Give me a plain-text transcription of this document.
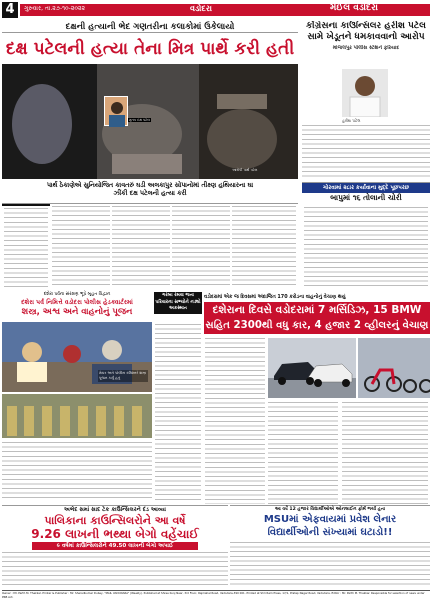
4	ગુરુવાર, તા.૨૭-૧૦-૨૦૨૨	વડોદરા	મેઈલ વડોદરા
દક્ષની હત્યાની ભેદ ગણતરીના કલાકોમાં ઉકેલાયો
દક્ષ પટેલની હત્યા તેના મિત્ર પાર્થે કરી હતી
મૃતક દક્ષ પટેલ
આરોપી પાર્થ પટેલ
પાર્થ ઠેકાણેએ સુનિયોજિત કાવતરું ઘડી અલકાપુર સોપાનોમાં તીક્ષ્ણ હથિયારના ઘા ઝીંકી દક્ષ પટેલની હત્યા કરી
કોંગ્રેસના કાઉન્સિલર હરીશ પટેલ સામે ખેડૂતને ધમકાવવાનો આરોપ
માંજલપુર પોલીસ સ્ટેશને ફરિયાદ
હરીશ પટેલ
ગોરવામાં ૨૮ાર કર્યાવાના મુદ્દે પૂછપરછ
બાપુમાં ૧૬ તોલાની ચોરી
દશેરા પર્વના સંરક્ષણ ભૂપે બૃહત વિદ્વાન
દશેરા પર્વ નિમિત્તે વડોદરા પોલીસ હેડક્વાર્ટરમાં
શસ્ત્ર, અશ્વ અને વાહનોનું પૂજન
મેયર અને પોલીસ કમિશ્નરે શસ્ત્ર પૂજન કર્યું હતું
ગરબા રમવા જતા પરિવારના સભ્યોને નડ્યો અકસ્માત
વડોદરામાં એક જ દિવસમાં અંદાજિત 170 કરોડના વાહનોનું વેચાણ થયું
દશેરાના દિવસે વડોદરામાં 7 મર્સિડિઝ, 15 BMW
સહિત 2300થી વધુ કાર, 4 હજાર 2 વ્હીલરનું વેચાણ
અભેદ સમાં સાદ ટેક કાઉન્સિલરને દંડ આવ્યા
પાલિકાના કાઉન્સિલરોને આ વર્ષે
9.26 લાખની ભથ્થા બેગો વહેંચાઈ
૯ વર્ષમાં કાઉન્સિલરોને 49.50 લાખની બેગો અપાઈ
આ વર્ષે 12 હજાર વિદ્યાર્થીઓએ ઓનલાઈન ફોર્મ ભર્યા હતા
MSUમાં એફવાયમાં પ્રવેશ લેનાર
વિદ્યાર્થીઓની સંખ્યામાં ઘટાડો!!
Owner : Mr. Parth M. Thakkar. Printer & Publisher : Mr. Sharadkumar Dubey, "MAIL VADODARA" (Weekly). Published at Shree Kunj Near, 3rd Floor, Rajmahal Road, Vadodara-390 001. Printed at Shri Ram Press, 17/1, Pratap Nagar Road, Vadodara. Editor : Mr. Parth M. Thakkar. Responsible for selection of news under PRB Act.
